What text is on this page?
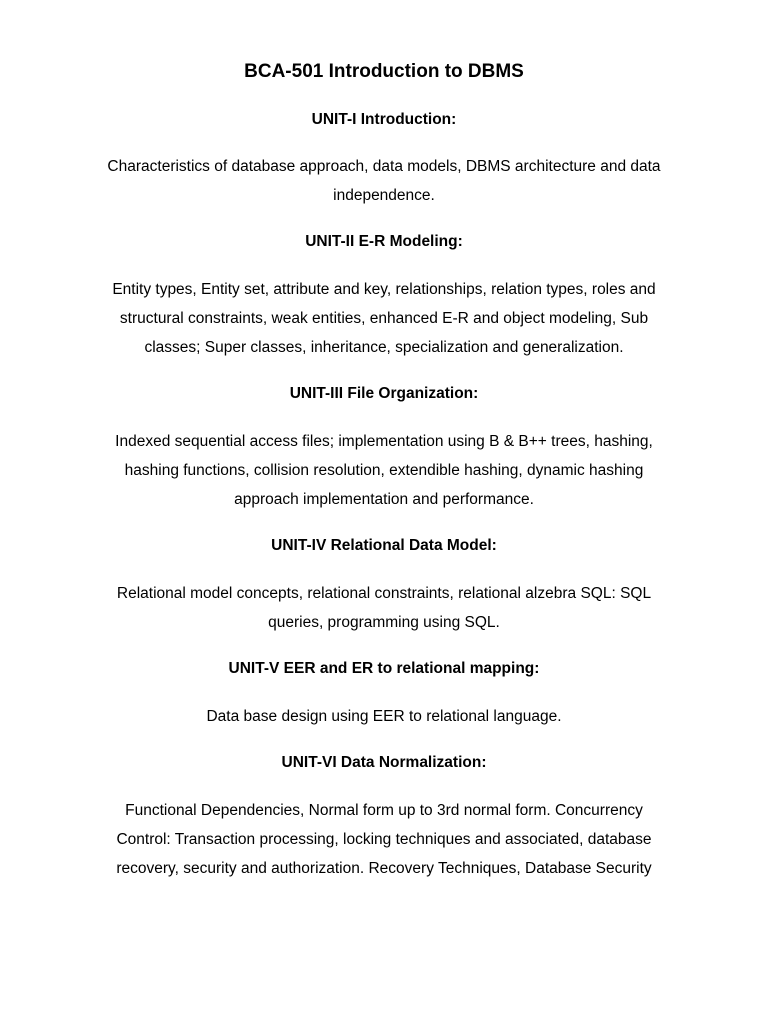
BCA-501 Introduction to DBMS
UNIT-I Introduction:

Characteristics of database approach, data models, DBMS architecture and data
independence.

UNIT-II E-R Modeling:

Entity types, Entity set, attribute and key, relationships, relation types, roles and
structural constraints, weak entities, enhanced E-R and object modeling, Sub
classes; Super classes, inheritance, specialization and generalization.

UNIT-III File Organization:

Indexed sequential access files; implementation using B & B++ trees, hashing,
hashing functions, collision resolution, extendible hashing, dynamic hashing
approach implementation and performance.

UNIT-IV Relational Data Model:

Relational model concepts, relational constraints, relational alzebra SQL: SQL
queries, programming using SQL.

UNIT-V EER and ER to relational mapping:

Data base design using EER to relational language.

UNIT-VI Data Normalization:

Functional Dependencies, Normal form up to 3rd normal form. Concurrency
Control: Transaction processing, locking techniques and associated, database
recovery, security and authorization. Recovery Techniques, Database Security
